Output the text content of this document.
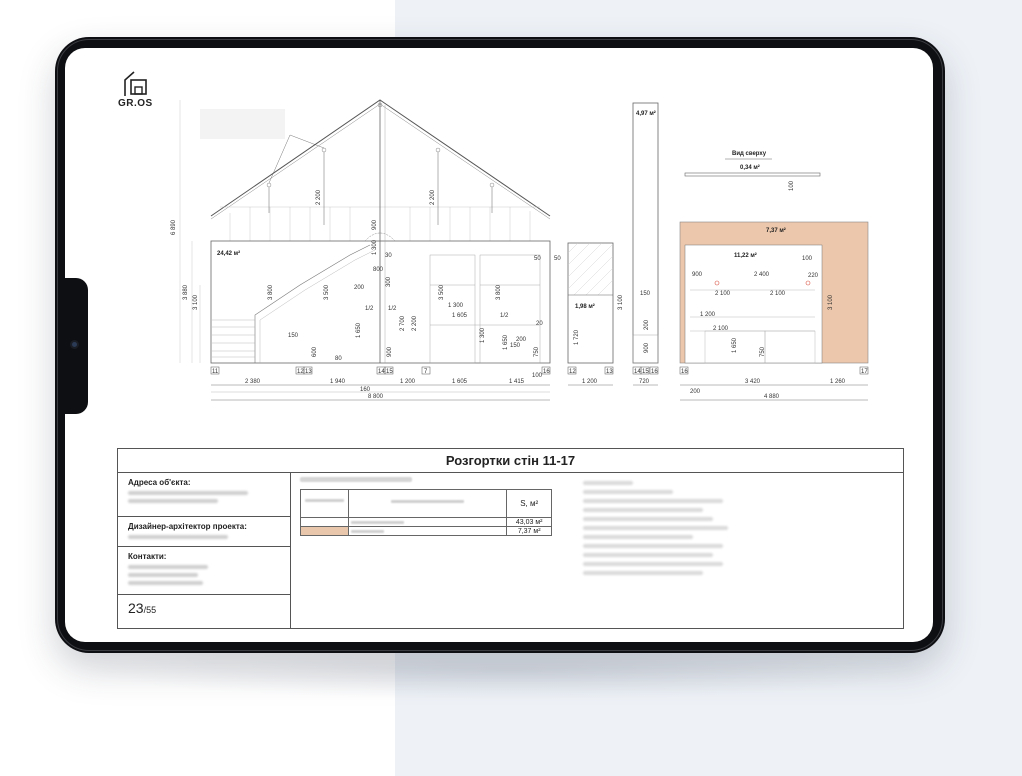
GR.OS
6 890
3 880
3 100
2 200	2 200
900
1 300
3 800	3 500	3 500	3 800
1 650
900
2 700 2 200
300
30
800
200
1/2 1/2
150
600
80
1 300
1 605	1/2
200
1 650
750
50 50
20
1 300
150
24,42 м²
2 380	1 940	1 200	1 605	1 415
160
100
8 800
11	12 13	14 15	7	16
1,98 м²
1 720
3 100
1 200
12	13
4,97 м²
150
200
900
14 15 16
720
Вид сверху
0,34 м²
100
7,37 м²
11,22 м²
900	2 400
100
220
2 100	2 100
1 200
2 100
1 650	750
3 100
16	17
3 420	1 260
200
4 880
Розгортки стін 11-17
Адреса об'єкта:
Дизайнер-архітектор проекта:
Контакти:
23/55
S, м²
43,03 м²
7,37 м²
